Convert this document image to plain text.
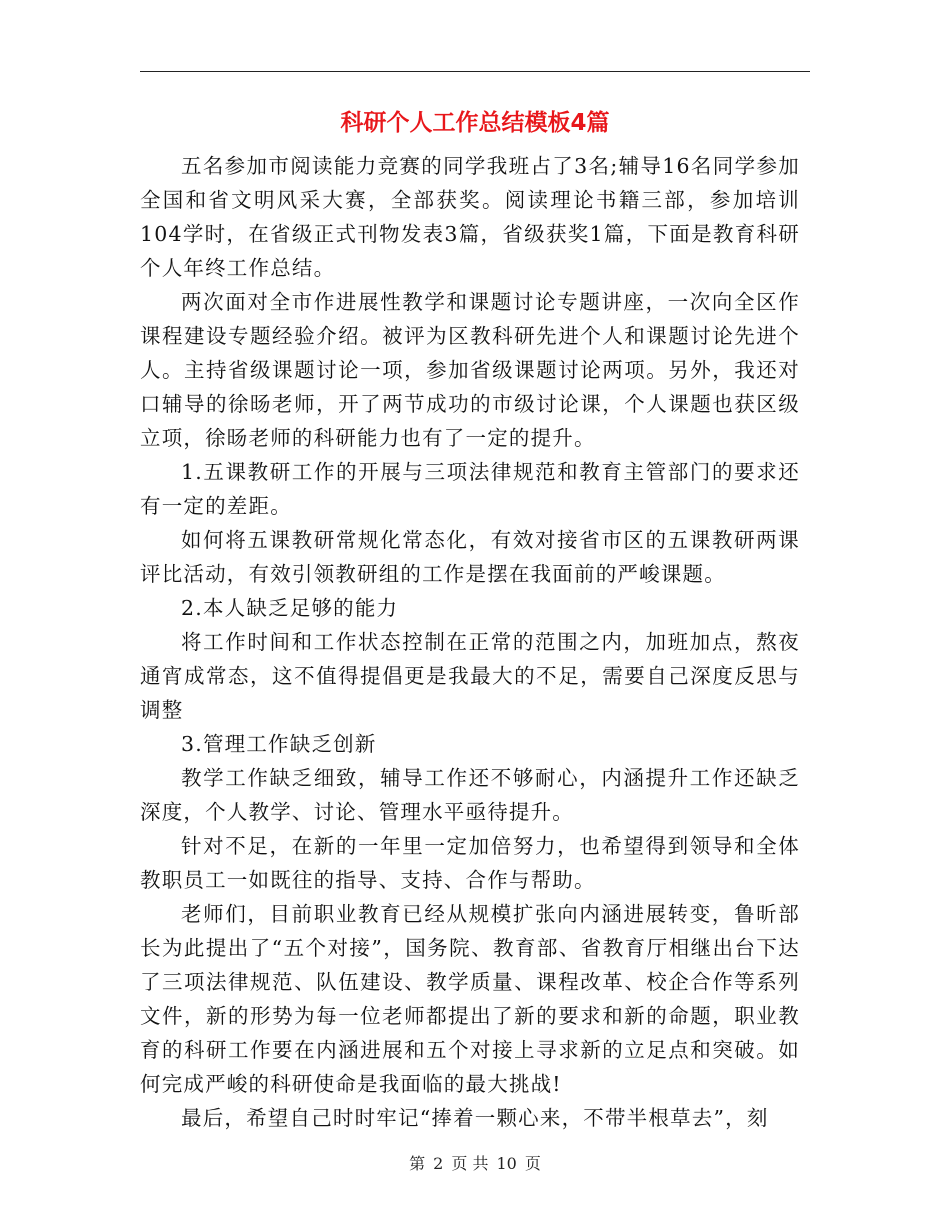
科研个人工作总结模板4篇

五名参加市阅读能力竞赛的同学我班占了3名;辅导16名同学参加全国和省文明风采大赛，全部获奖。阅读理论书籍三部，参加培训104学时，在省级正式刊物发表3篇，省级获奖1篇，下面是教育科研个人年终工作总结。

两次面对全市作进展性教学和课题讨论专题讲座，一次向全区作课程建设专题经验介绍。被评为区教科研先进个人和课题讨论先进个人。主持省级课题讨论一项，参加省级课题讨论两项。另外，我还对口辅导的徐旸老师，开了两节成功的市级讨论课，个人课题也获区级立项，徐旸老师的科研能力也有了一定的提升。

1.五课教研工作的开展与三项法律规范和教育主管部门的要求还有一定的差距。

如何将五课教研常规化常态化，有效对接省市区的五课教研两课评比活动，有效引领教研组的工作是摆在我面前的严峻课题。

2.本人缺乏足够的能力

将工作时间和工作状态控制在正常的范围之内，加班加点，熬夜通宵成常态，这不值得提倡更是我最大的不足，需要自己深度反思与调整

3.管理工作缺乏创新

教学工作缺乏细致，辅导工作还不够耐心，内涵提升工作还缺乏深度，个人教学、讨论、管理水平亟待提升。

针对不足，在新的一年里一定加倍努力，也希望得到领导和全体教职员工一如既往的指导、支持、合作与帮助。

老师们，目前职业教育已经从规模扩张向内涵进展转变，鲁昕部长为此提出了“五个对接”，国务院、教育部、省教育厅相继出台下达了三项法律规范、队伍建设、教学质量、课程改革、校企合作等系列文件，新的形势为每一位老师都提出了新的要求和新的命题，职业教育的科研工作要在内涵进展和五个对接上寻求新的立足点和突破。如何完成严峻的科研使命是我面临的最大挑战!

最后，希望自己时时牢记“捧着一颗心来，不带半根草去”，刻

第 2 页 共 10 页
